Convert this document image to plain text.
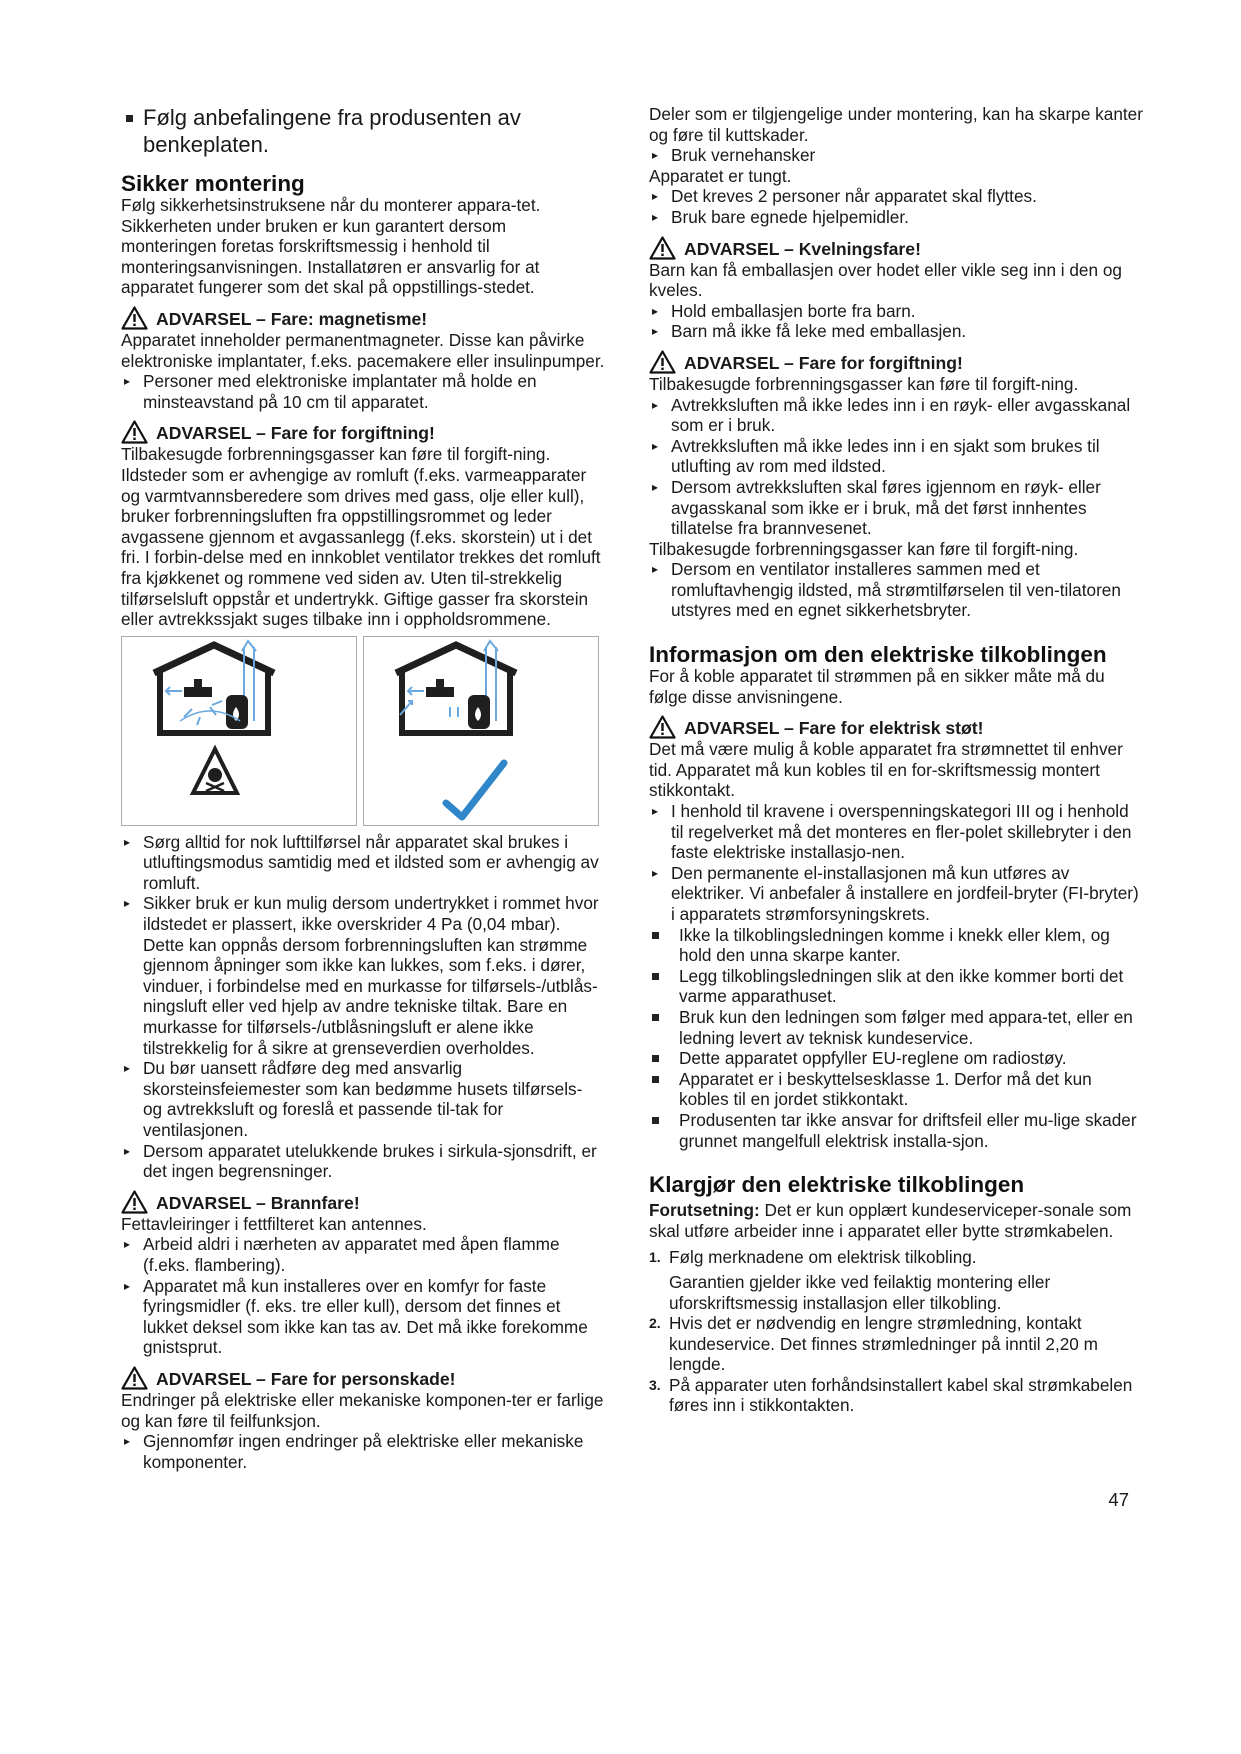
Følg anbefalingene fra produsenten av benkeplaten.

Sikker montering

Følg sikkerhetsinstruksene når du monterer appara-tet.

Sikkerheten under bruken er kun garantert dersom monteringen foretas forskriftsmessig i henhold til monteringsanvisningen. Installatøren er ansvarlig for at apparatet fungerer som det skal på oppstillings-stedet.

ADVARSEL – Fare: magnetisme!

Apparatet inneholder permanentmagneter. Disse kan påvirke elektroniske implantater, f.eks. pacemakere eller insulinpumper.

▸ Personer med elektroniske implantater må holde en minsteavstand på 10 cm til apparatet.
ADVARSEL – Fare for forgiftning!

Tilbakesugde forbrenningsgasser kan føre til forgift-ning. Ildsteder som er avhengige av romluft (f.eks. varmeapparater og varmtvannsberedere som drives med gass, olje eller kull), bruker forbrenningsluften fra oppstillingsrommet og leder avgassene gjennom et avgassanlegg (f.eks. skorstein) ut i det fri. I forbin-delse med en innkoblet ventilator trekkes det romluft fra kjøkkenet og rommene ved siden av. Uten til-strekkelig tilførselsluft oppstår et undertrykk. Giftige gasser fra skorstein eller avtrekkssjakt suges tilbake inn i oppholdsrommene.

▸ Sørg alltid for nok lufttilførsel når apparatet skal brukes i utluftingsmodus samtidig med et ildsted som er avhengig av romluft.
▸ Sikker bruk er kun mulig dersom undertrykket i rommet hvor ildstedet er plassert, ikke overskrider 4 Pa (0,04 mbar). Dette kan oppnås dersom forbrenningsluften kan strømme gjennom åpninger som ikke kan lukkes, som f.eks. i dører, vinduer, i forbindelse med en murkasse for tilførsels-/utblås-ningsluft eller ved hjelp av andre tekniske tiltak. Bare en murkasse for tilførsels-/utblåsningsluft er alene ikke tilstrekkelig for å sikre at grenseverdien overholdes.
▸ Du bør uansett rådføre deg med ansvarlig skorsteinsfeiemester som kan bedømme husets tilførsels- og avtrekksluft og foreslå et passende til-tak for ventilasjonen.
▸ Dersom apparatet utelukkende brukes i sirkula-sjonsdrift, er det ingen begrensninger.
ADVARSEL – Brannfare!

Fettavleiringer i fettfilteret kan antennes.

▸ Arbeid aldri i nærheten av apparatet med åpen flamme (f.eks. flambering).
▸ Apparatet må kun installeres over en komfyr for faste fyringsmidler (f. eks. tre eller kull), dersom det finnes et lukket deksel som ikke kan tas av. Det må ikke forekomme gnistsprut.
ADVARSEL – Fare for personskade!

Endringer på elektriske eller mekaniske komponen-ter er farlige og kan føre til feilfunksjon.

▸ Gjennomfør ingen endringer på elektriske eller mekaniske komponenter.

Deler som er tilgjengelige under montering, kan ha skarpe kanter og føre til kuttskader.

▸ Bruk vernehansker

Apparatet er tungt.

▸ Det kreves 2 personer når apparatet skal flyttes.
▸ Bruk bare egnede hjelpemidler.
ADVARSEL – Kvelningsfare!

Barn kan få emballasjen over hodet eller vikle seg inn i den og kveles.

▸ Hold emballasjen borte fra barn.
▸ Barn må ikke få leke med emballasjen.
ADVARSEL – Fare for forgiftning!

Tilbakesugde forbrenningsgasser kan føre til forgift-ning.

▸ Avtrekksluften må ikke ledes inn i en røyk- eller avgasskanal som er i bruk.
▸ Avtrekksluften må ikke ledes inn i en sjakt som brukes til utlufting av rom med ildsted.
▸ Dersom avtrekksluften skal føres igjennom en røyk- eller avgasskanal som ikke er i bruk, må det først innhentes tillatelse fra brannvesenet.

Tilbakesugde forbrenningsgasser kan føre til forgift-ning.

▸ Dersom en ventilator installeres sammen med et romluftavhengig ildsted, må strømtilførselen til ven-tilatoren utstyres med en egnet sikkerhetsbryter.
Informasjon om den elektriske tilkoblingen

For å koble apparatet til strømmen på en sikker måte må du følge disse anvisningene.

ADVARSEL – Fare for elektrisk støt!

Det må være mulig å koble apparatet fra strømnettet til enhver tid. Apparatet må kun kobles til en for-skriftsmessig montert stikkontakt.

▸ I henhold til kravene i overspenningskategori III og i henhold til regelverket må det monteres en fler-polet skillebryter i den faste elektriske installasjo-nen.
▸ Den permanente el-installasjonen må kun utføres av elektriker. Vi anbefaler å installere en jordfeil-bryter (FI-bryter) i apparatets strømforsyningskrets.
Ikke la tilkoblingsledningen komme i knekk eller klem, og hold den unna skarpe kanter.
Legg tilkoblingsledningen slik at den ikke kommer borti det varme apparathuset.
Bruk kun den ledningen som følger med appara-tet, eller en ledning levert av teknisk kundeservice.
Dette apparatet oppfyller EU-reglene om radiostøy.
Apparatet er i beskyttelsesklasse 1. Derfor må det kun kobles til en jordet stikkontakt.
Produsenten tar ikke ansvar for driftsfeil eller mu-lige skader grunnet mangelfull elektrisk installa-sjon.
Klargjør den elektriske tilkoblingen

Forutsetning: Det er kun opplært kundeserviceper-sonale som skal utføre arbeider inne i apparatet eller bytte strømkabelen.

1. Følg merknadene om elektrisk tilkobling.

Garantien gjelder ikke ved feilaktig montering eller uforskriftsmessig installasjon eller tilkobling.

2. Hvis det er nødvendig en lengre strømledning, kontakt kundeservice. Det finnes strømledninger på inntil 2,20 m lengde.
3. På apparater uten forhåndsinstallert kabel skal strømkabelen føres inn i stikkontakten.
47
